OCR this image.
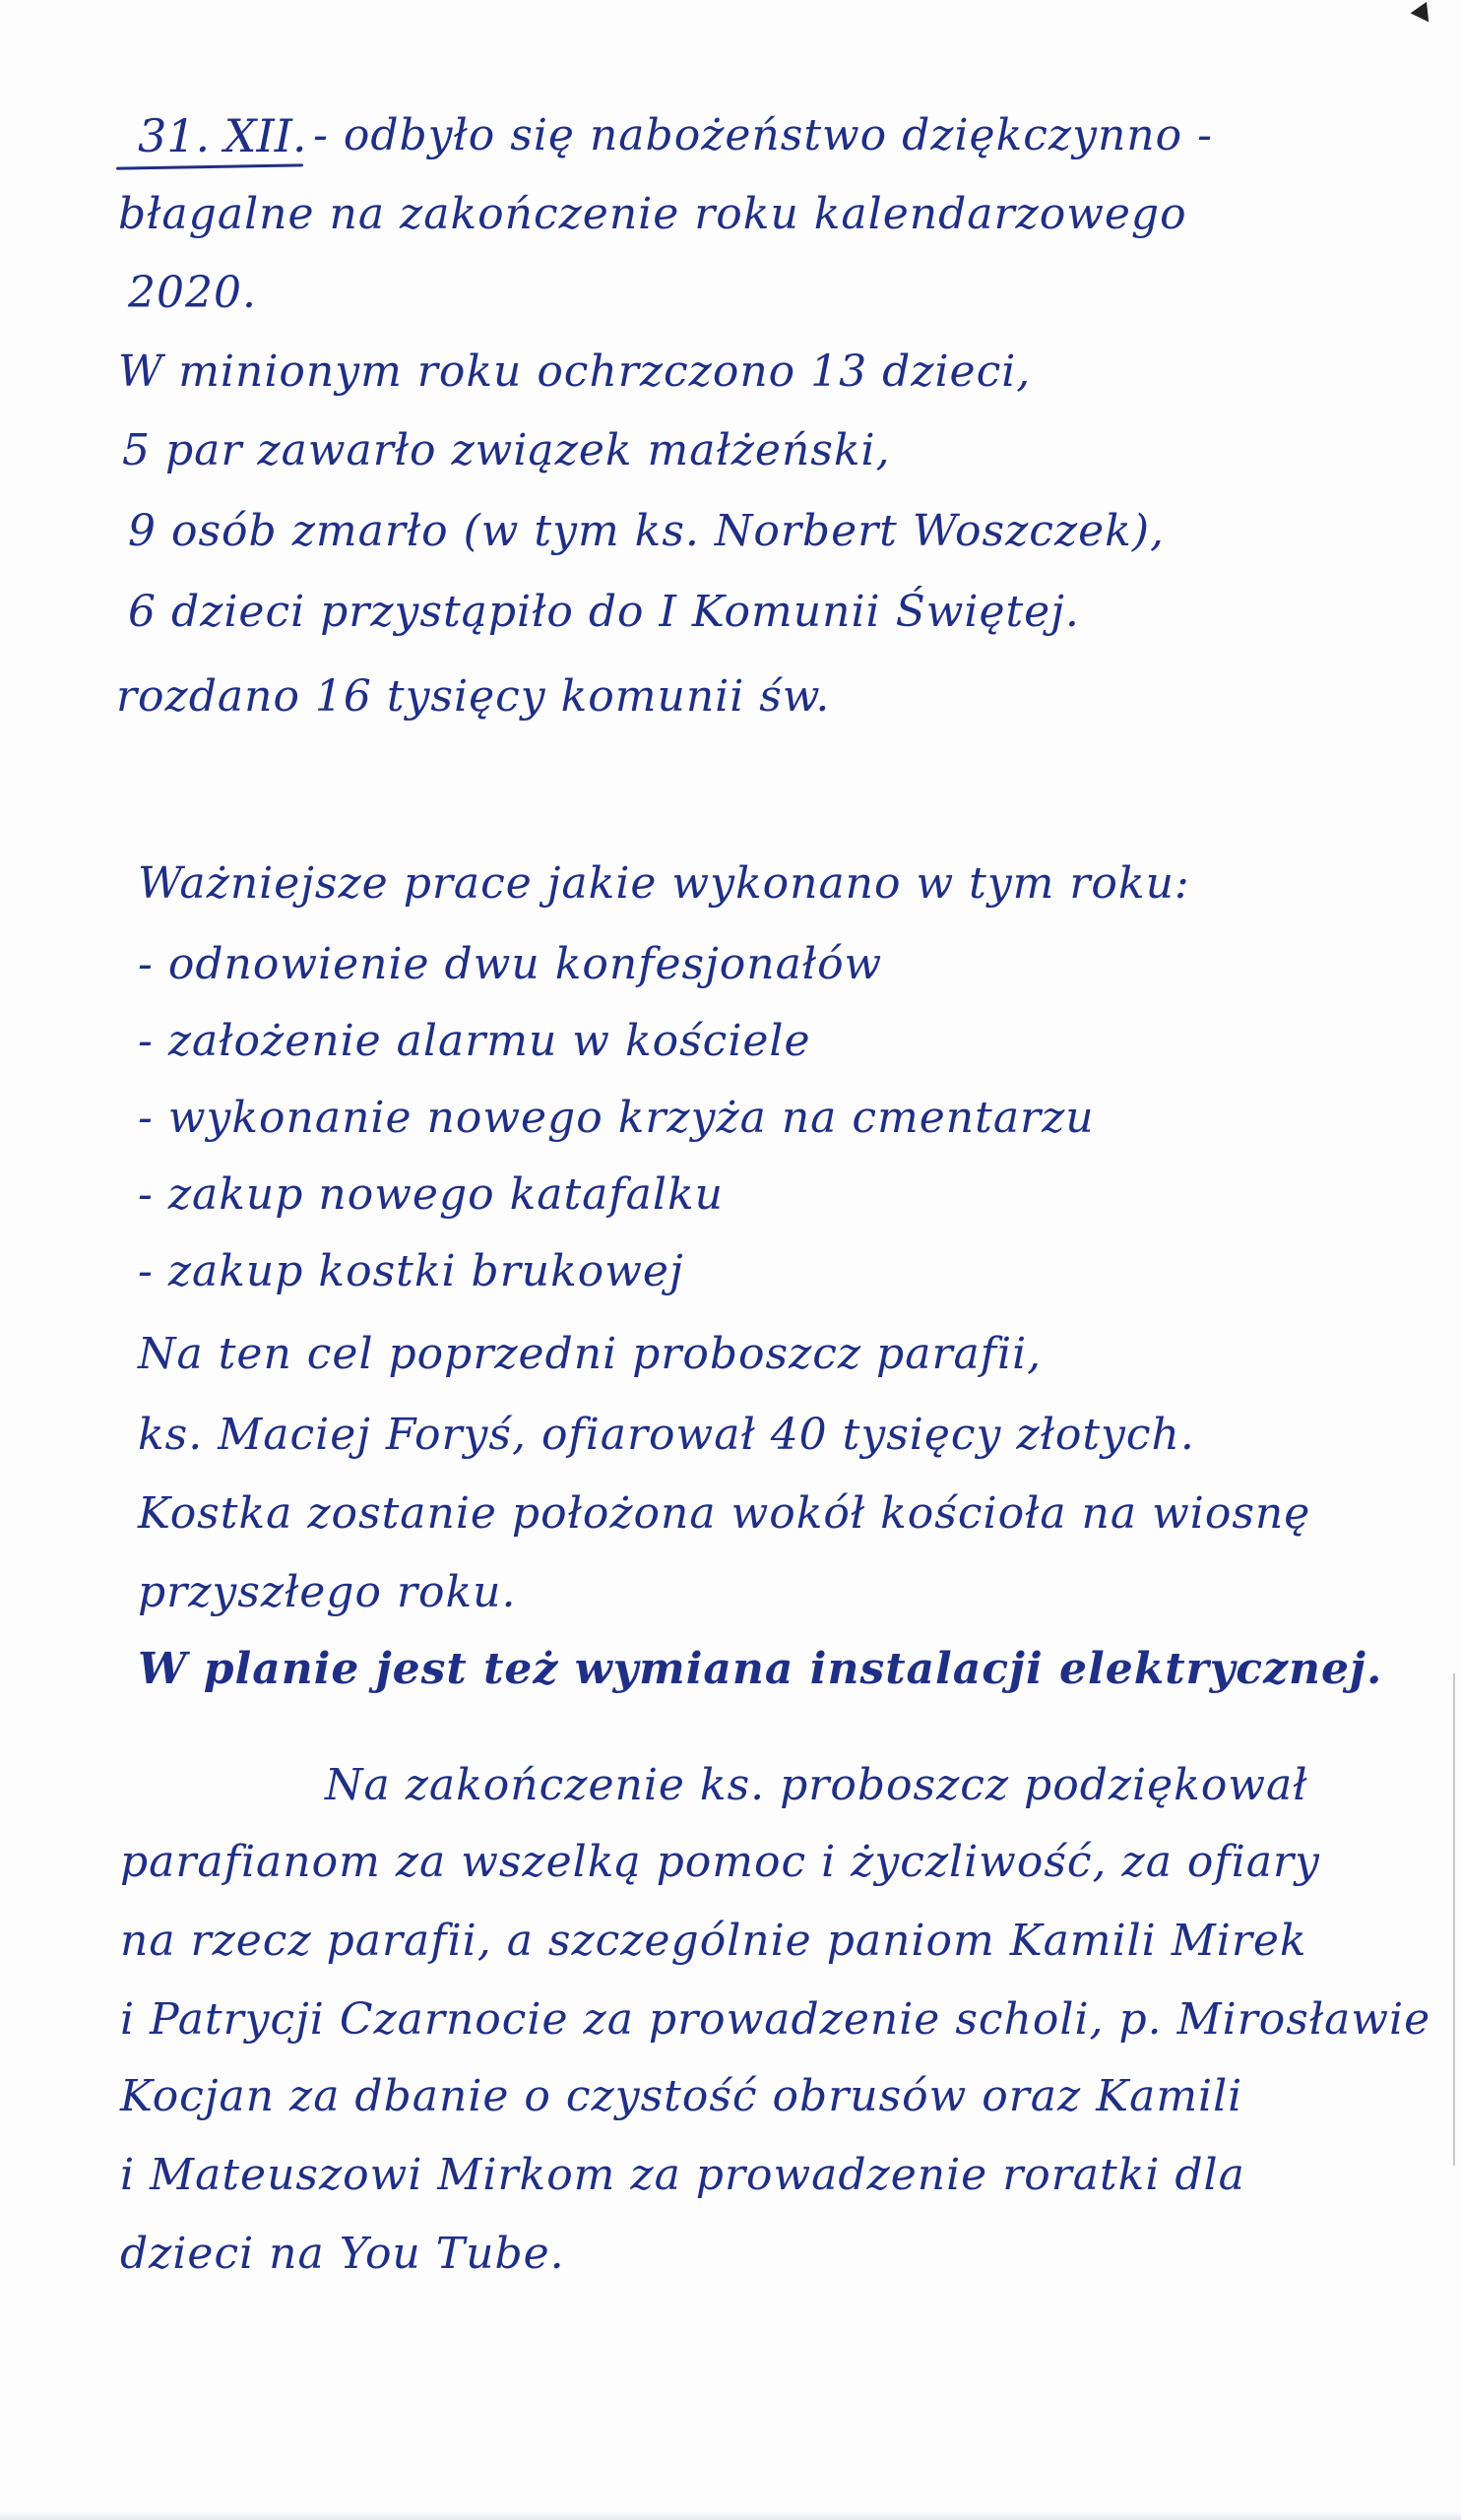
31. XII. - odbyło się nabożeństwo dziękczynno -
błagalne na zakończenie roku kalendarzowego
2020.
W minionym roku ochrzczono 13 dzieci,
5 par zawarło związek małżeński,
9 osób zmarło (w tym ks. Norbert Woszczek),
6 dzieci przystąpiło do I Komunii Świętej.
rozdano 16 tysięcy komunii św.
Ważniejsze prace jakie wykonano w tym roku:
- odnowienie dwu konfesjonałów
- założenie alarmu w kościele
- wykonanie nowego krzyża na cmentarzu
- zakup nowego katafalku
- zakup kostki brukowej
Na ten cel poprzedni proboszcz parafii,
ks. Maciej Foryś, ofiarował 40 tysięcy złotych.
Kostka zostanie położona wokół kościoła na wiosnę
przyszłego roku.
W planie jest też wymiana instalacji elektrycznej.
Na zakończenie ks. proboszcz podziękował
parafianom za wszelką pomoc i życzliwość, za ofiary
na rzecz parafii, a szczególnie paniom Kamili Mirek
i Patrycji Czarnocie za prowadzenie scholi, p. Mirosławie
Kocjan za dbanie o czystość obrusów oraz Kamili
i Mateuszowi Mirkom za prowadzenie roratki dla
dzieci na You Tube.
